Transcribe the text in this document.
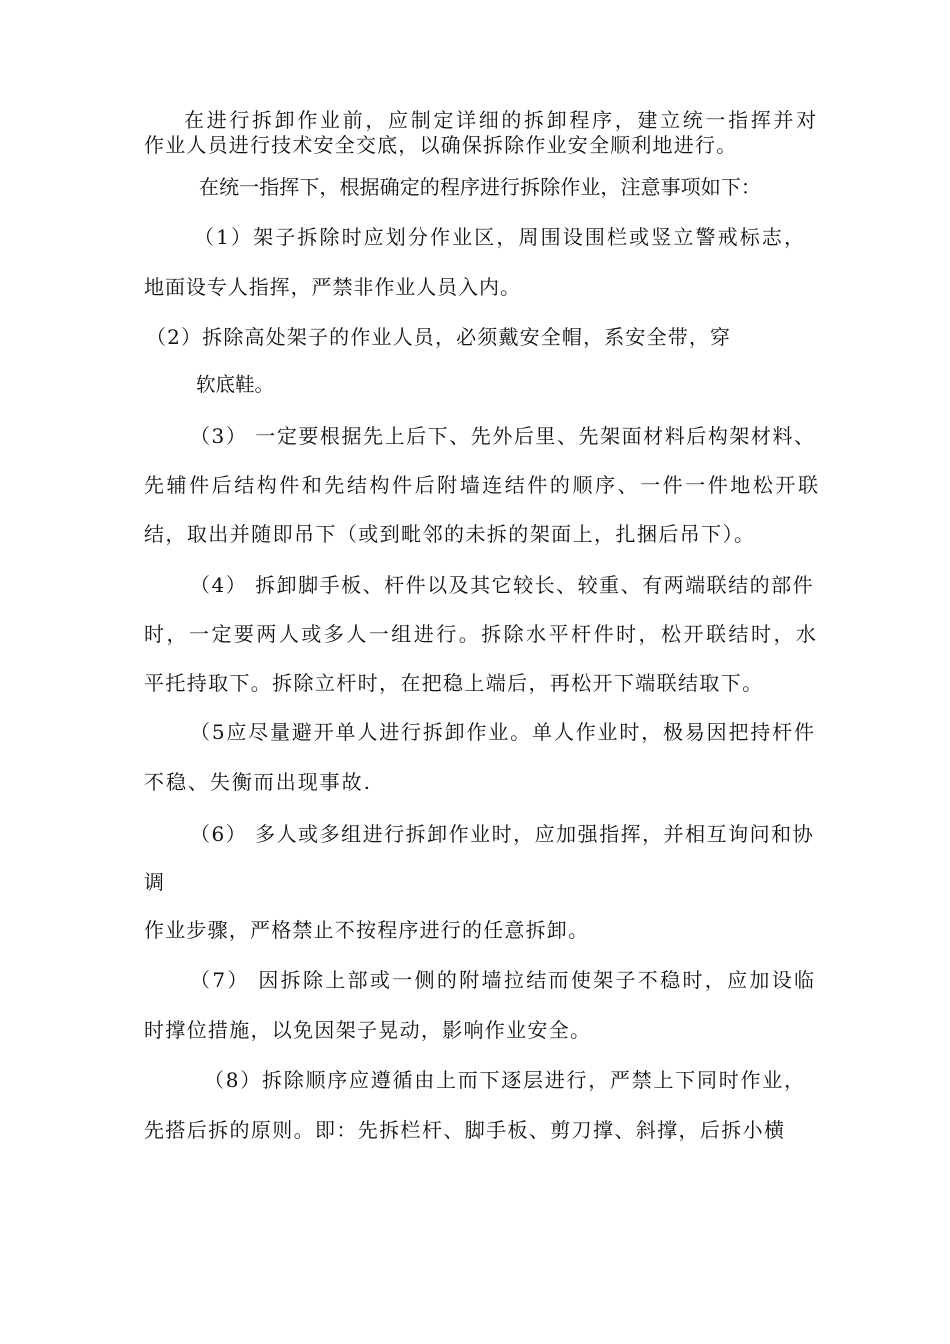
在进行拆卸作业前，应制定详细的拆卸程序，建立统一指挥并对

作业人员进行技术安全交底，以确保拆除作业安全顺利地进行。

在统一指挥下，根据确定的程序进行拆除作业，注意事项如下：

（1）架子拆除时应划分作业区，周围设围栏或竖立警戒标志，

地面设专人指挥，严禁非作业人员入内。

（2）拆除高处架子的作业人员，必须戴安全帽，系安全带，穿

软底鞋。

（3） 一定要根据先上后下、先外后里、先架面材料后构架材料、

先辅件后结构件和先结构件后附墙连结件的顺序、一件一件地松开联

结，取出并随即吊下（或到毗邻的未拆的架面上，扎捆后吊下）。

（4） 拆卸脚手板、杆件以及其它较长、较重、有两端联结的部件

时，一定要两人或多人一组进行。拆除水平杆件时，松开联结时，水

平托持取下。拆除立杆时，在把稳上端后，再松开下端联结取下。

（5应尽量避开单人进行拆卸作业。单人作业时，极易因把持杆件

不稳、失衡而出现事故.

（6） 多人或多组进行拆卸作业时，应加强指挥，并相互询问和协

调

作业步骤，严格禁止不按程序进行的任意拆卸。

（7） 因拆除上部或一侧的附墙拉结而使架子不稳时，应加设临

时撑位措施，以免因架子晃动，影响作业安全。

（8）拆除顺序应遵循由上而下逐层进行，严禁上下同时作业，

先搭后拆的原则。即：先拆栏杆、脚手板、剪刀撑、斜撑，后拆小横
